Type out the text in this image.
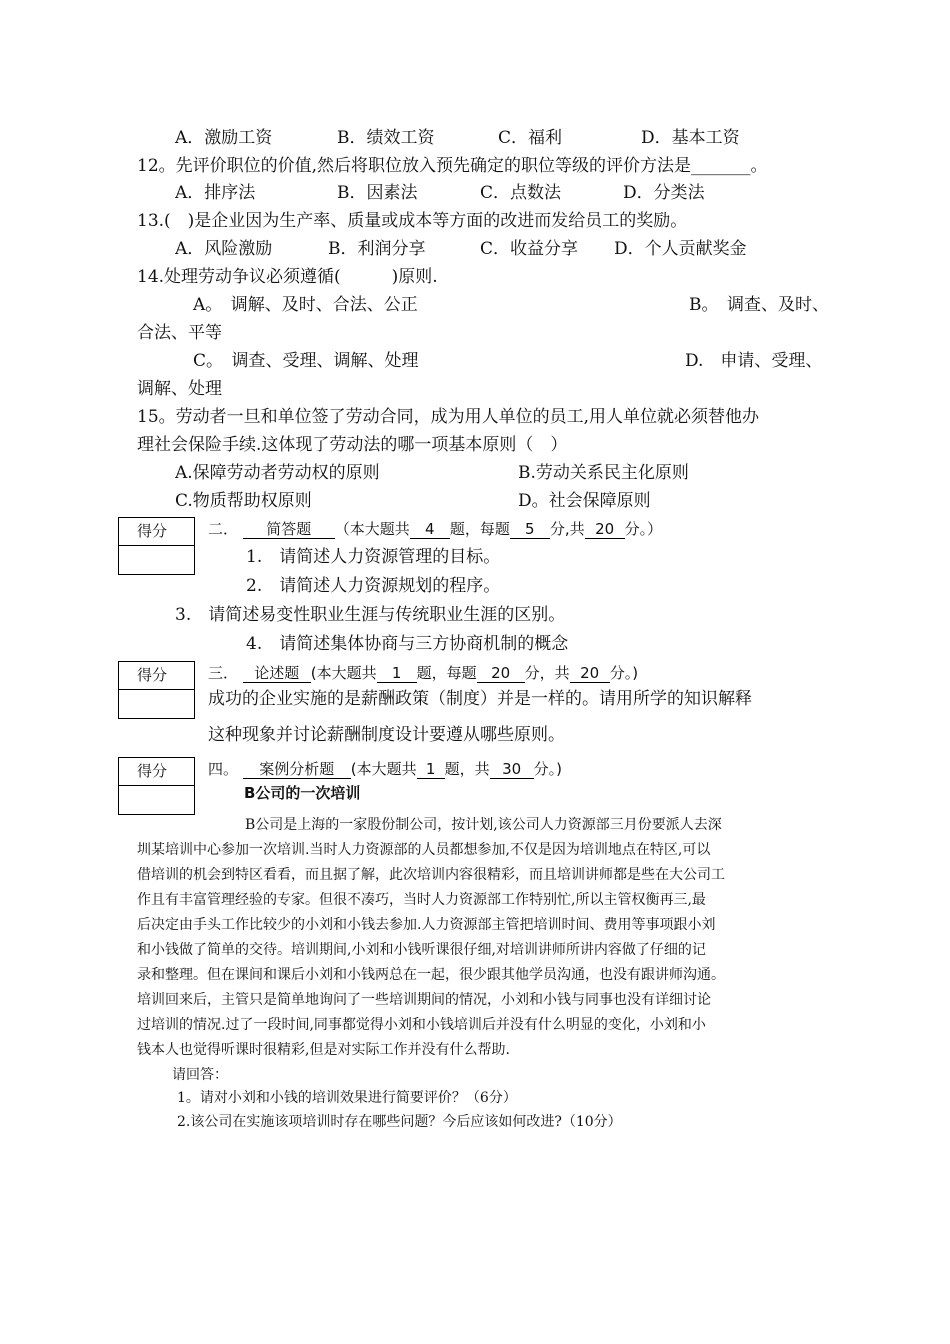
A．激励工资	B．绩效工资	C．福利	D．基本工资
12。先评价职位的价值,然后将职位放入预先确定的职位等级的评价方法是_______。
A．排序法	B．因素法	C．点数法	D．分类法
13.(　)是企业因为生产率、质量或成本等方面的改进而发给员工的奖励。
A．风险激励	B．利润分享	C．收益分享 D．个人贡献奖金
14.处理劳动争议必须遵循(　　　)原则.
A。　调解、及时、合法、公正	B。　调查、及时、
合法、平等
C。　调查、受理、调解、处理	D.　申请、受理、
调解、处理
15。劳动者一旦和单位签了劳动合同，成为用人单位的员工,用人单位就必须替他办
理社会保险手续.这体现了劳动法的哪一项基本原则（　）
A.保障劳动者劳动权的原则	B.劳动关系民主化原则
C.物质帮助权原则	D。社会保障原则
得分	二． 简答题 （本大题共 4 题，每题 5 分,共 20 分。）
1.　请简述人力资源管理的目标。
2.　请简述人力资源规划的程序。
3.　请简述易变性职业生涯与传统职业生涯的区别。
4.　请简述集体协商与三方协商机制的概念
得分	三． 论述题 (本大题共 1 题，每题 20 分，共 20 分。)
成功的企业实施的是薪酬政策（制度）并是一样的。请用所学的知识解释
这种现象并讨论薪酬制度设计要遵从哪些原则。
得分	四。 案例分析题 (本大题共 1 题，共 30 分。)
B公司的一次培训
B公司是上海的一家股份制公司，按计划,该公司人力资源部三月份要派人去深
圳某培训中心参加一次培训.当时人力资源部的人员都想参加,不仅是因为培训地点在特区,可以
借培训的机会到特区看看，而且据了解，此次培训内容很精彩，而且培训讲师都是些在大公司工
作且有丰富管理经验的专家。但很不凑巧，当时人力资源部工作特别忙,所以主管权衡再三,最
后决定由手头工作比较少的小刘和小钱去参加.人力资源部主管把培训时间、费用等事项跟小刘
和小钱做了简单的交待。培训期间,小刘和小钱听课很仔细,对培训讲师所讲内容做了仔细的记
录和整理。但在课间和课后小刘和小钱两总在一起，很少跟其他学员沟通，也没有跟讲师沟通。
培训回来后，主管只是简单地询问了一些培训期间的情况，小刘和小钱与同事也没有详细讨论
过培训的情况.过了一段时间,同事都觉得小刘和小钱培训后并没有什么明显的变化，小刘和小
钱本人也觉得听课时很精彩,但是对实际工作并没有什么帮助.
请回答：
1。请对小刘和小钱的培训效果进行简要评价？（6分）
2.该公司在实施该项培训时存在哪些问题？今后应该如何改进?（10分）
